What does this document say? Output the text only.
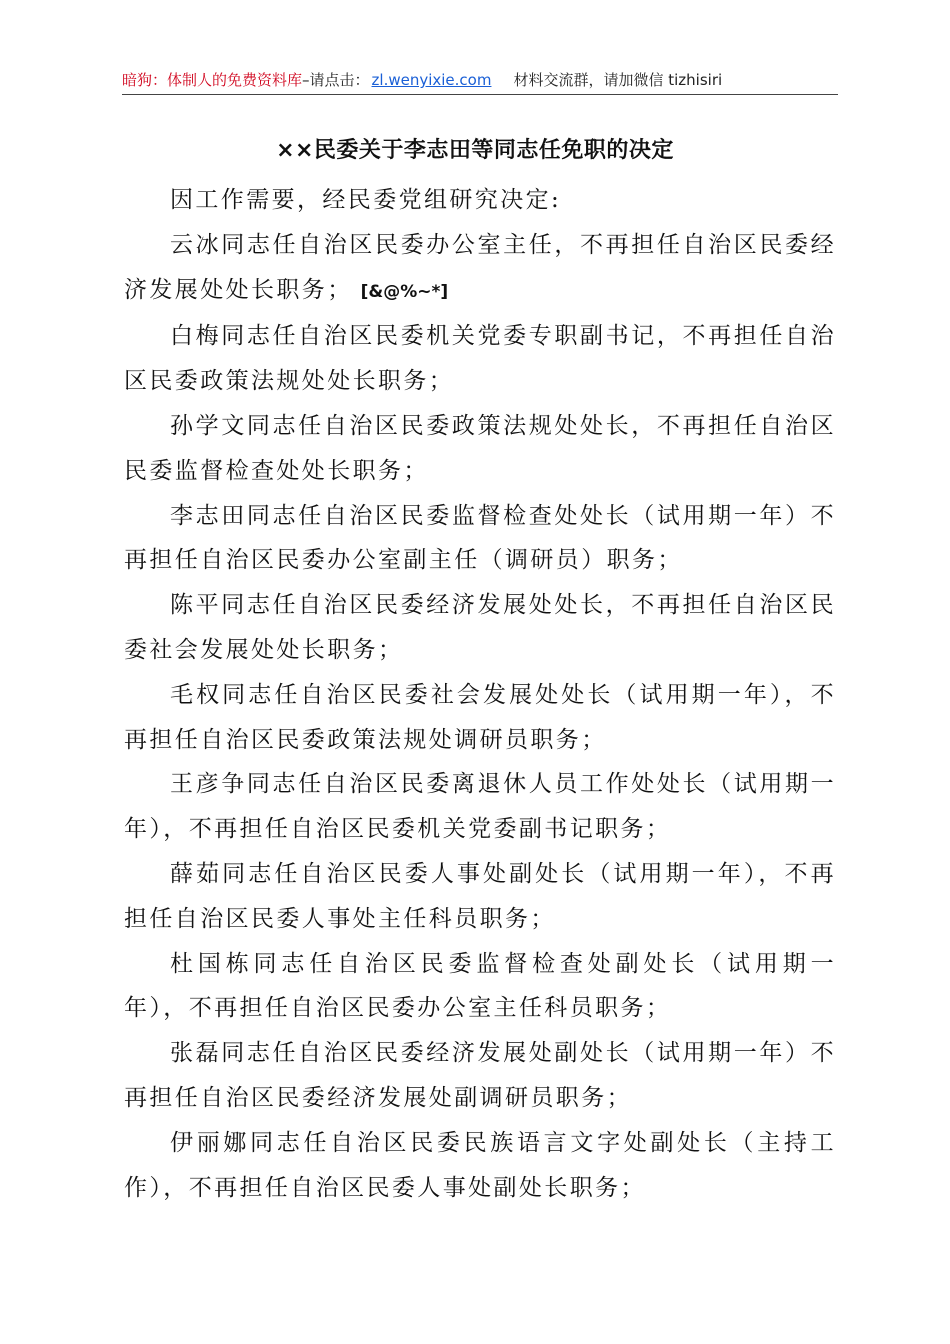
暗狗：体制人的免费资料库–请点击： zl.wenyixie.com 材料交流群，请加微信 tizhisiri
××民委关于李志田等同志任免职的决定

因工作需要，经民委党组研究决定:

云冰同志任自治区民委办公室主任，不再担任自治区民委经济发展处处长职务； [&@%~*]

白梅同志任自治区民委机关党委专职副书记，不再担任自治区民委政策法规处处长职务；

孙学文同志任自治区民委政策法规处处长，不再担任自治区民委监督检查处处长职务；

李志田同志任自治区民委监督检查处处长（试用期一年）不再担任自治区民委办公室副主任（调研员）职务；

陈平同志任自治区民委经济发展处处长，不再担任自治区民委社会发展处处长职务；

毛权同志任自治区民委社会发展处处长（试用期一年），不再担任自治区民委政策法规处调研员职务；

王彦争同志任自治区民委离退休人员工作处处长（试用期一年），不再担任自治区民委机关党委副书记职务；

薛茹同志任自治区民委人事处副处长（试用期一年），不再担任自治区民委人事处主任科员职务；

杜国栋同志任自治区民委监督检查处副处长（试用期一年），不再担任自治区民委办公室主任科员职务；

张磊同志任自治区民委经济发展处副处长（试用期一年）不再担任自治区民委经济发展处副调研员职务；

伊丽娜同志任自治区民委民族语言文字处副处长（主持工作），不再担任自治区民委人事处副处长职务；
